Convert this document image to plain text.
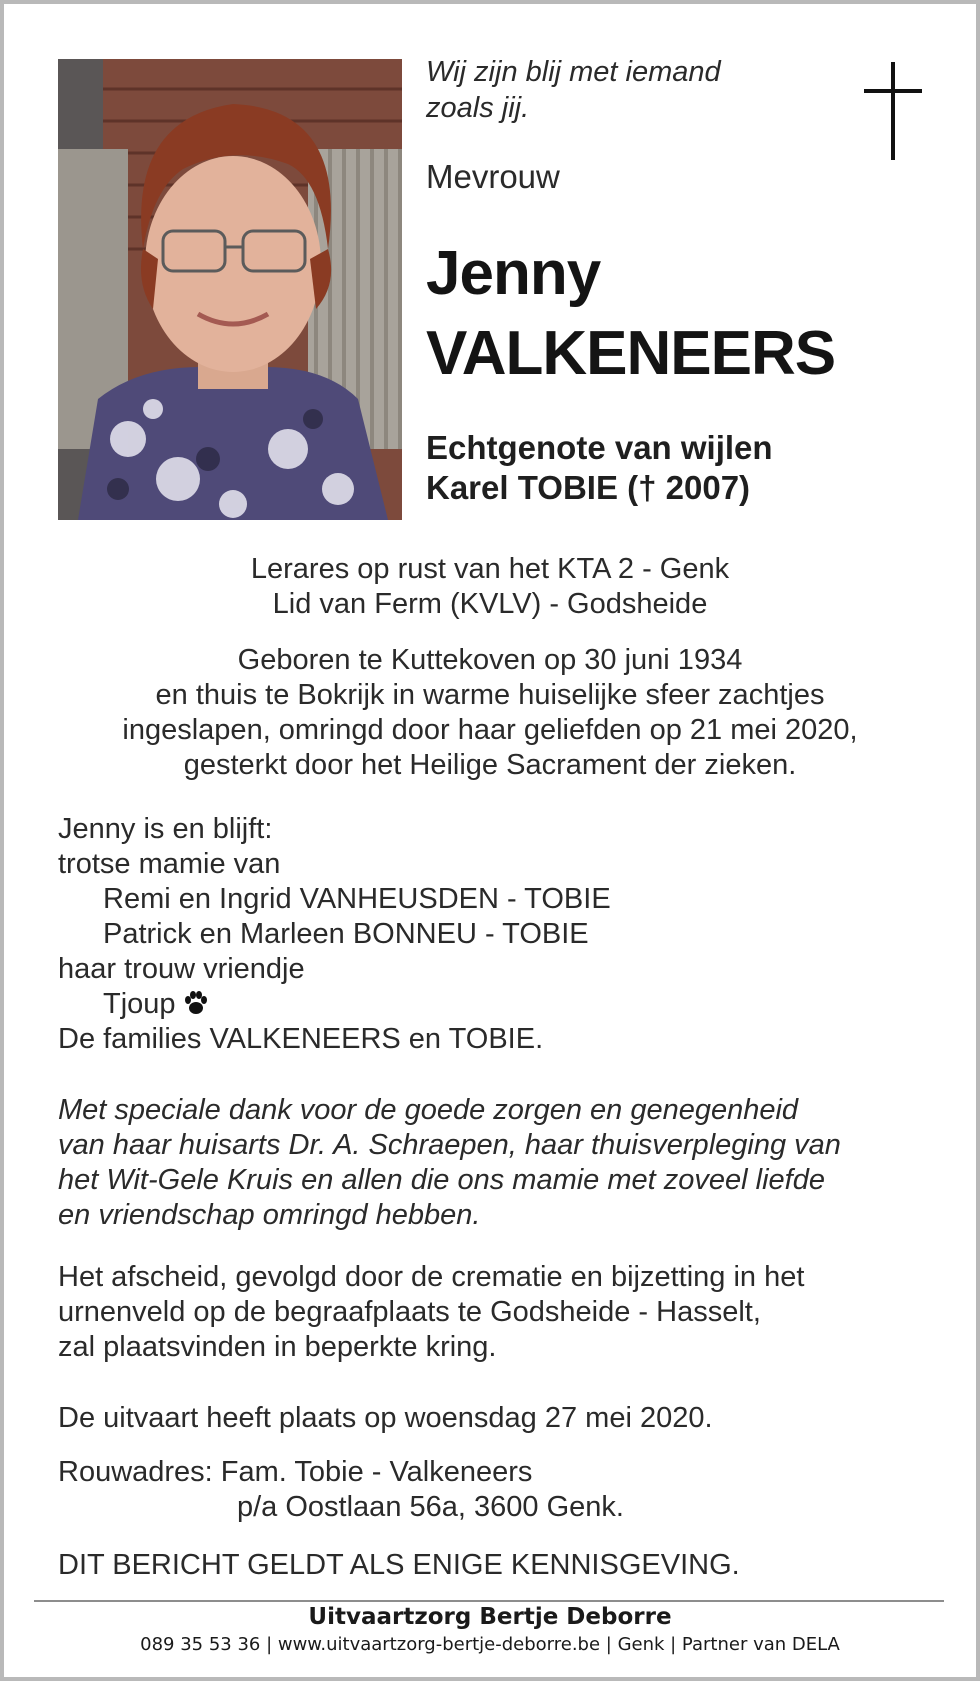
Wij zijn blij met iemand
zoals jij.
Mevrouw
Jenny
VALKENEERS
Echtgenote van wijlen
Karel TOBIE († 2007)
Lerares op rust van het KTA 2 - Genk
Lid van Ferm (KVLV) - Godsheide
Geboren te Kuttekoven op 30 juni 1934
en thuis te Bokrijk in warme huiselijke sfeer zachtjes
ingeslapen, omringd door haar geliefden op 21 mei 2020,
gesterkt door het Heilige Sacrament der zieken.
Jenny is en blijft:
trotse mamie van
Remi en Ingrid VANHEUSDEN - TOBIE
Patrick en Marleen BONNEU - TOBIE
haar trouw vriendje
Tjoup
De families VALKENEERS en TOBIE.
Met speciale dank voor de goede zorgen en genegenheid
van haar huisarts Dr. A. Schraepen, haar thuisverpleging van
het Wit-Gele Kruis en allen die ons mamie met zoveel liefde
en vriendschap omringd hebben.
Het afscheid, gevolgd door de crematie en bijzetting in het
urnenveld op de begraafplaats te Godsheide - Hasselt,
zal plaatsvinden in beperkte kring.
De uitvaart heeft plaats op woensdag 27 mei 2020.
Rouwadres: Fam. Tobie - Valkeneers
p/a Oostlaan 56a, 3600 Genk.
DIT BERICHT GELDT ALS ENIGE KENNISGEVING.
Uitvaartzorg Bertje Deborre
089 35 53 36 | www.uitvaartzorg-bertje-deborre.be | Genk | Partner van DELA
